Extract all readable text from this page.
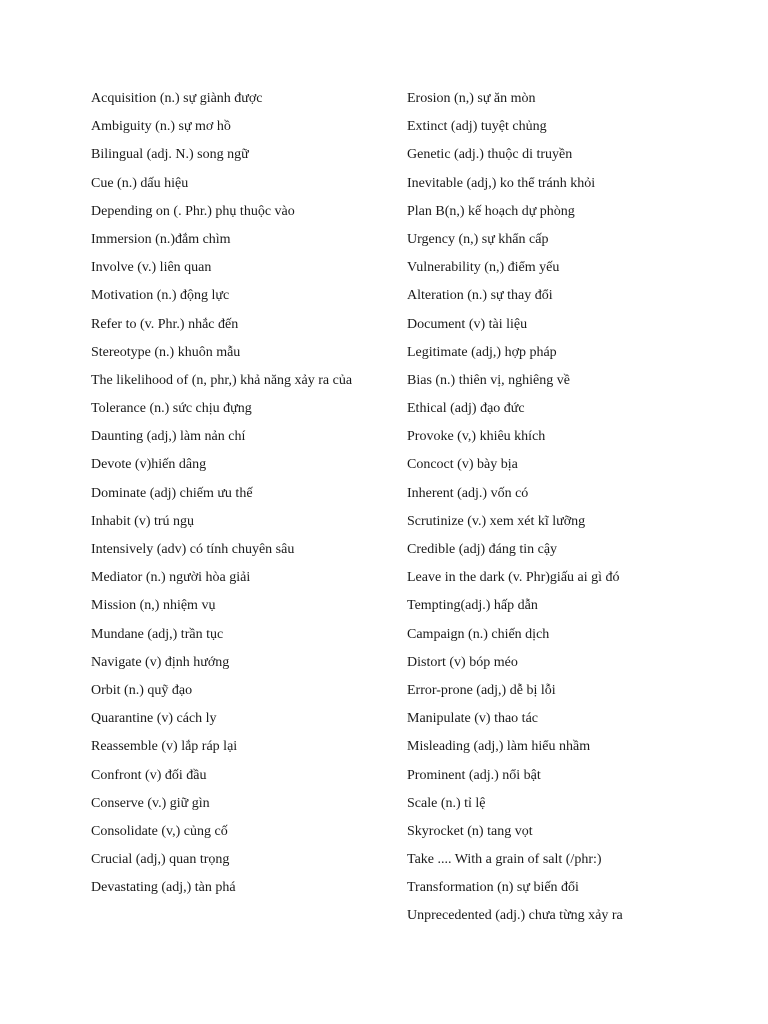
Acquisition (n.) sự giành được
Ambiguity (n.) sự mơ hồ
Bilingual (adj. N.) song ngữ
Cue (n.) dấu hiệu
Depending on (. Phr.) phụ thuộc vào
Immersion (n.)đắm chìm
Involve (v.) liên quan
Motivation (n.) động lực
Refer to (v. Phr.) nhắc đến
Stereotype (n.) khuôn mẫu
The likelihood of (n, phr,) khả năng xảy ra của
Tolerance (n.) sức chịu đựng
Daunting (adj,) làm nản chí
Devote (v)hiến dâng
Dominate (adj) chiếm ưu thế
Inhabit (v) trú ngụ
Intensively (adv) có tính chuyên sâu
Mediator (n.) người hòa giải
Mission (n,) nhiệm vụ
Mundane (adj,) trần tục
Navigate (v) định hướng
Orbit (n.) quỹ đạo
Quarantine (v) cách ly
Reassemble (v) lắp ráp lại
Confront (v) đối đầu
Conserve (v.) giữ gìn
Consolidate (v,) củng cố
Crucial (adj,) quan trọng
Devastating (adj,) tàn phá
Erosion (n,) sự ăn mòn
Extinct (adj) tuyệt chủng
Genetic (adj.) thuộc di truyền
Inevitable (adj,) ko thể tránh khỏi
Plan B(n,) kế hoạch dự phòng
Urgency (n,) sự khẩn cấp
Vulnerability (n,) điểm yếu
Alteration (n.) sự thay đổi
Document (v) tài liệu
Legitimate (adj,) hợp pháp
Bias (n.) thiên vị, nghiêng về
Ethical (adj) đạo đức
Provoke (v,) khiêu khích
Concoct (v) bày bịa
Inherent (adj.) vốn có
Scrutinize (v.) xem xét kĩ lưỡng
Credible (adj) đáng tin cậy
Leave in the dark (v. Phr)giấu ai gì đó
Tempting(adj.) hấp dẫn
Campaign (n.) chiến dịch
Distort (v) bóp méo
Error-prone (adj,) dễ bị lỗi
Manipulate (v) thao tác
Misleading (adj,) làm hiểu nhầm
Prominent (adj.) nổi bật
Scale (n.) tỉ lệ
Skyrocket (n) tang vọt
Take .... With a grain of salt (/phr:)
Transformation (n) sự biến đổi
Unprecedented (adj.) chưa từng xảy ra
